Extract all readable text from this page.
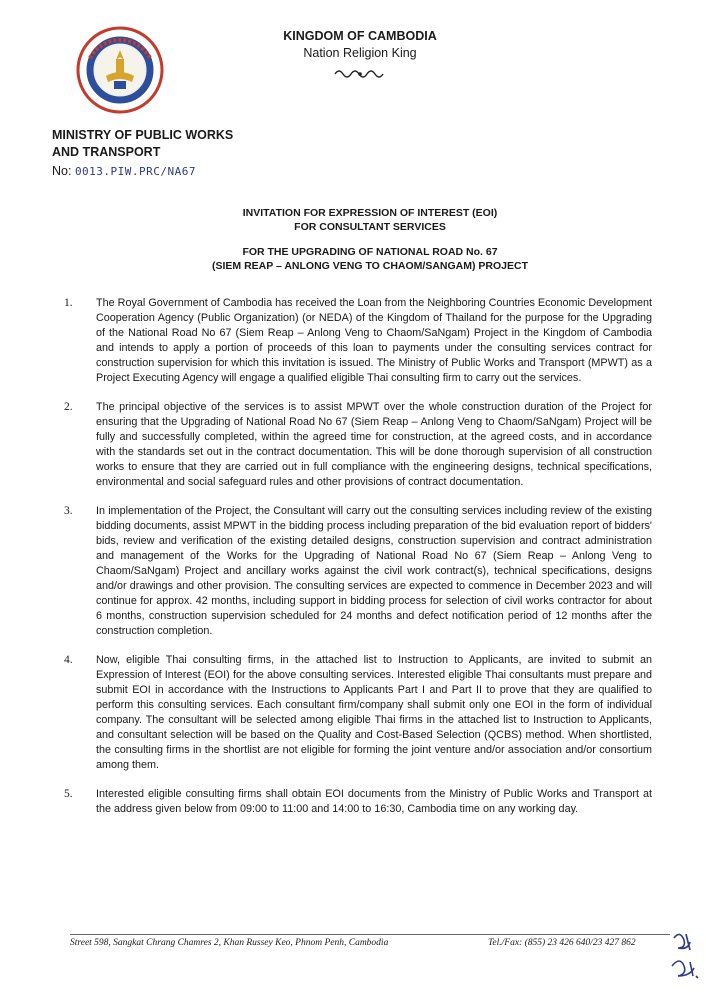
KINGDOM OF CAMBODIA
Nation Religion King
MINISTRY OF PUBLIC WORKS
AND TRANSPORT
No: 0013.PIW.PRC/NA67
INVITATION FOR EXPRESSION OF INTEREST (EOI)
FOR CONSULTANT SERVICES
FOR THE UPGRADING OF NATIONAL ROAD No. 67
(SIEM REAP – ANLONG VENG TO CHAOM/SANGAM) PROJECT
1. The Royal Government of Cambodia has received the Loan from the Neighboring Countries Economic Development Cooperation Agency (Public Organization) (or NEDA) of the Kingdom of Thailand for the purpose for the Upgrading of the National Road No 67 (Siem Reap – Anlong Veng to Chaom/SaNgam) Project in the Kingdom of Cambodia and intends to apply a portion of proceeds of this loan to payments under the consulting services contract for construction supervision for which this invitation is issued. The Ministry of Public Works and Transport (MPWT) as a Project Executing Agency will engage a qualified eligible Thai consulting firm to carry out the services.
2. The principal objective of the services is to assist MPWT over the whole construction duration of the Project for ensuring that the Upgrading of National Road No 67 (Siem Reap – Anlong Veng to Chaom/SaNgam) Project will be fully and successfully completed, within the agreed time for construction, at the agreed costs, and in accordance with the standards set out in the contract documentation. This will be done thorough supervision of all construction works to ensure that they are carried out in full compliance with the engineering designs, technical specifications, environmental and social safeguard rules and other provisions of contract documentation.
3. In implementation of the Project, the Consultant will carry out the consulting services including review of the existing bidding documents, assist MPWT in the bidding process including preparation of the bid evaluation report of bidders' bids, review and verification of the existing detailed designs, construction supervision and contract administration and management of the Works for the Upgrading of National Road No 67 (Siem Reap – Anlong Veng to Chaom/SaNgam) Project and ancillary works against the civil work contract(s), technical specifications, designs and/or drawings and other provision. The consulting services are expected to commence in December 2023 and will continue for approx. 42 months, including support in bidding process for selection of civil works contractor for about 6 months, construction supervision scheduled for 24 months and defect notification period of 12 months after the construction completion.
4. Now, eligible Thai consulting firms, in the attached list to Instruction to Applicants, are invited to submit an Expression of Interest (EOI) for the above consulting services. Interested eligible Thai consultants must prepare and submit EOI in accordance with the Instructions to Applicants Part I and Part II to prove that they are qualified to perform this consulting services. Each consultant firm/company shall submit only one EOI in the form of individual company. The consultant will be selected among eligible Thai firms in the attached list to Instruction to Applicants, and consultant selection will be based on the Quality and Cost-Based Selection (QCBS) method. When shortlisted, the consulting firms in the shortlist are not eligible for forming the joint venture and/or association and/or consortium among them.
5. Interested eligible consulting firms shall obtain EOI documents from the Ministry of Public Works and Transport at the address given below from 09:00 to 11:00 and 14:00 to 16:30, Cambodia time on any working day.
Street 598, Sangkat Chrang Chamres 2, Khan Russey Keo, Phnom Penh, Cambodia	Tel./Fax: (855) 23 426 640/23 427 862
